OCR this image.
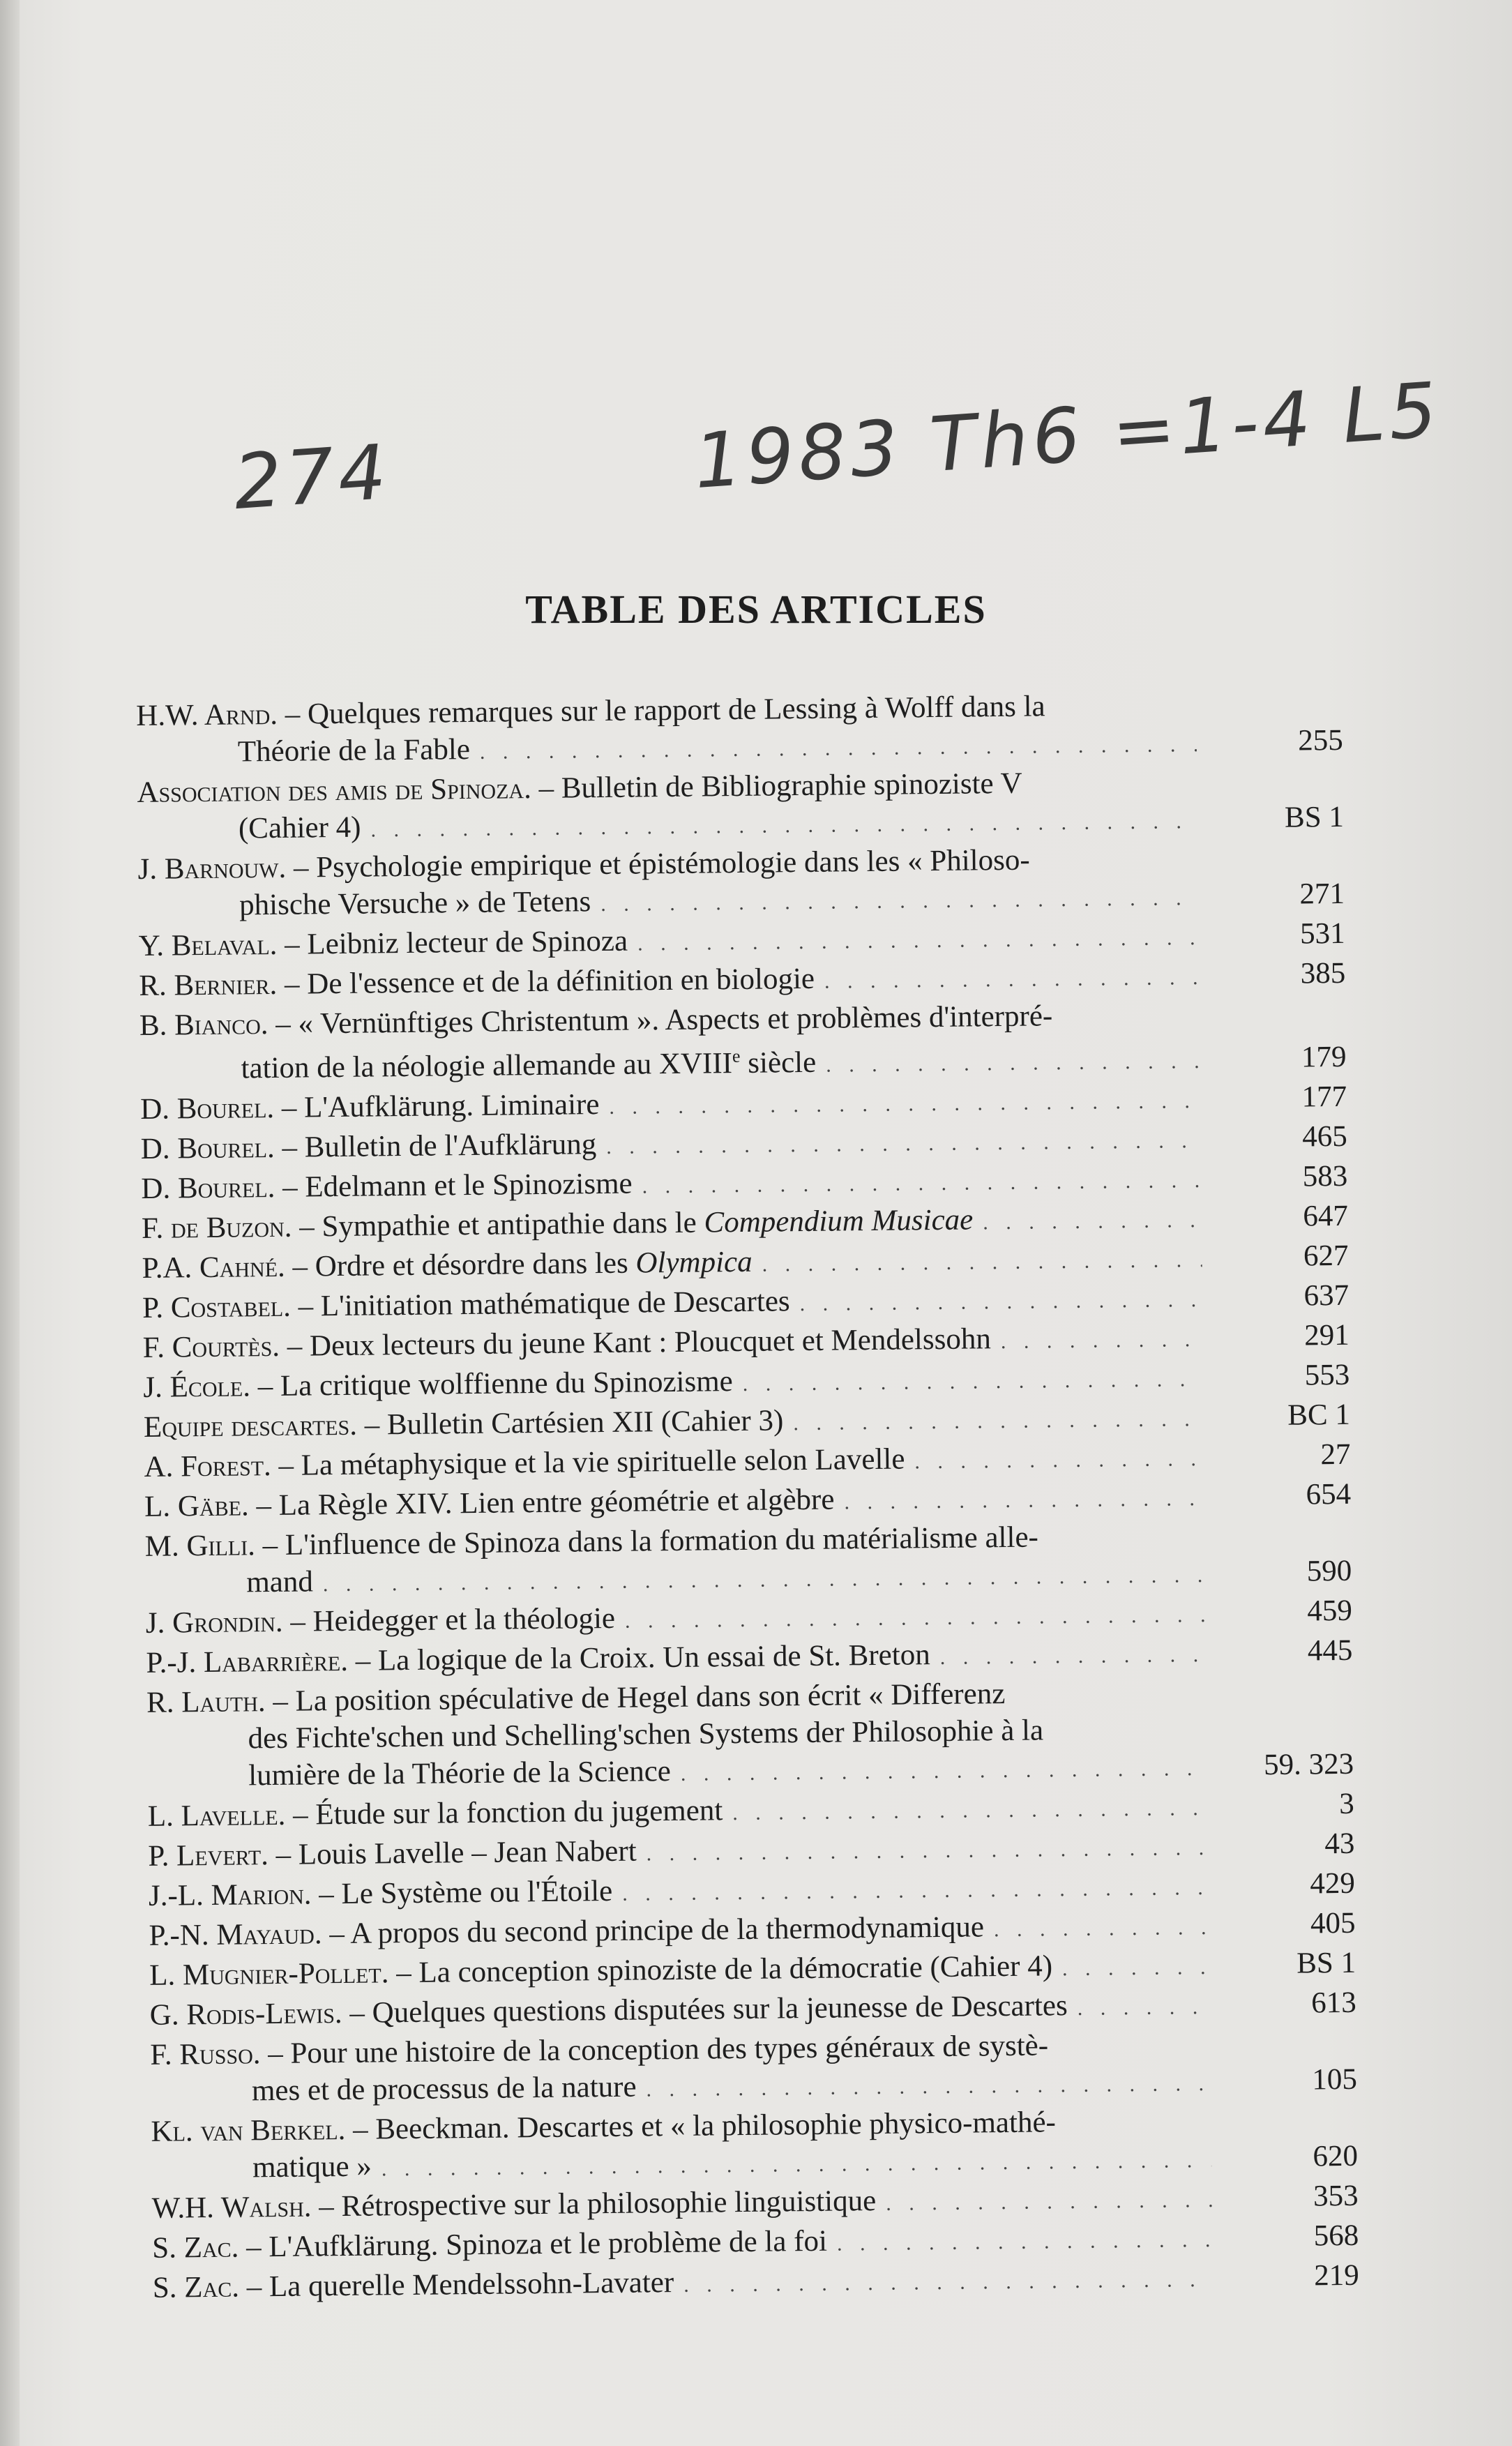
274	1983 Th6 =1-4 L5
TABLE DES ARTICLES
H.W. Arnd. – Quelques remarques sur le rapport de Lessing à Wolff dans la
Théorie de la Fable . . .	255
Association des amis de Spinoza. – Bulletin de Bibliographie spinoziste V
(Cahier 4) . . .	BS 1
J. Barnouw. – Psychologie empirique et épistémologie dans les « Philoso-
phische Versuche » de Tetens . . .	271
Y. Belaval. – Leibniz lecteur de Spinoza . . .	531
R. Bernier. – De l'essence et de la définition en biologie . . .	385
B. Bianco. – « Vernünftiges Christentum ». Aspects et problèmes d'interpré-
tation de la néologie allemande au XVIIIe siècle . . .	179
D. Bourel. – L'Aufklärung. Liminaire . . .	177
D. Bourel. – Bulletin de l'Aufklärung . . .	465
D. Bourel. – Edelmann et le Spinozisme . . .	583
F. de Buzon. – Sympathie et antipathie dans le Compendium Musicae . . .	647
P.A. Cahné. – Ordre et désordre dans les Olympica . . .	627
P. Costabel. – L'initiation mathématique de Descartes . . .	637
F. Courtès. – Deux lecteurs du jeune Kant : Ploucquet et Mendelssohn . . .	291
J. École. – La critique wolffienne du Spinozisme . . .	553
Equipe descartes. – Bulletin Cartésien XII (Cahier 3) . . .	BC 1
A. Forest. – La métaphysique et la vie spirituelle selon Lavelle . . .	27
L. Gäbe. – La Règle XIV. Lien entre géométrie et algèbre . . .	654
M. Gilli. – L'influence de Spinoza dans la formation du matérialisme alle-
mand . . .	590
J. Grondin. – Heidegger et la théologie . . .	459
P.-J. Labarrière. – La logique de la Croix. Un essai de St. Breton . . .	445
R. Lauth. – La position spéculative de Hegel dans son écrit « Differenz
des Fichte'schen und Schelling'schen Systems der Philosophie à la
lumière de la Théorie de la Science . . .	59. 323
L. Lavelle. – Étude sur la fonction du jugement . . .	3
P. Levert. – Louis Lavelle – Jean Nabert . . .	43
J.-L. Marion. – Le Système ou l'Étoile . . .	429
P.-N. Mayaud. – A propos du second principe de la thermodynamique . . .	405
L. Mugnier-Pollet. – La conception spinoziste de la démocratie (Cahier 4) . . .	BS 1
G. Rodis-Lewis. – Quelques questions disputées sur la jeunesse de Descartes . . .	613
F. Russo. – Pour une histoire de la conception des types généraux de systè-
mes et de processus de la nature . . .	105
Kl. van Berkel. – Beeckman. Descartes et « la philosophie physico-mathé-
matique » . . .	620
W.H. Walsh. – Rétrospective sur la philosophie linguistique . . .	353
S. Zac. – L'Aufklärung. Spinoza et le problème de la foi . . .	568
S. Zac. – La querelle Mendelssohn-Lavater . . .	219
